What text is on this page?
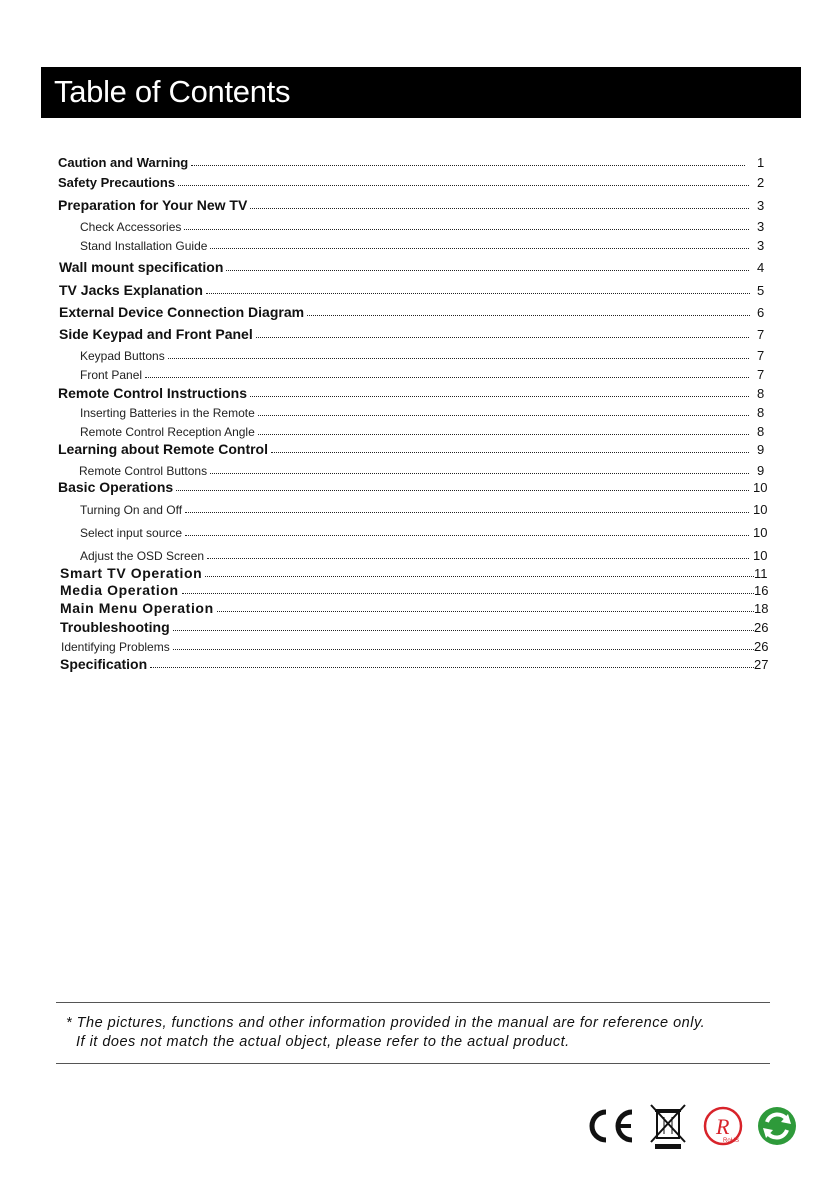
Table of Contents
Caution and Warning	1
Safety Precautions	2
Preparation for Your New TV	3
Check Accessories	3
Stand Installation Guide	3
Wall mount specification	4
TV Jacks Explanation	5
External Device Connection Diagram	6
Side Keypad and Front Panel	7
Keypad Buttons	7
Front Panel	7
Remote Control Instructions	8
Inserting Batteries in the Remote	8
Remote Control Reception Angle	8
Learning about Remote Control	9
Remote Control Buttons	9
Basic Operations	10
Turning On and Off	10
Select input source	10
Adjust the OSD Screen	10
Smart TV Operation	11
Media Operation	16
Main Menu Operation	18
Troubleshooting	26
Identifying Problems	26
Specification	27
* The pictures, functions and other information provided in the manual are for reference only.
If it does not match the actual object, please refer to the actual product.
R
RoHS
